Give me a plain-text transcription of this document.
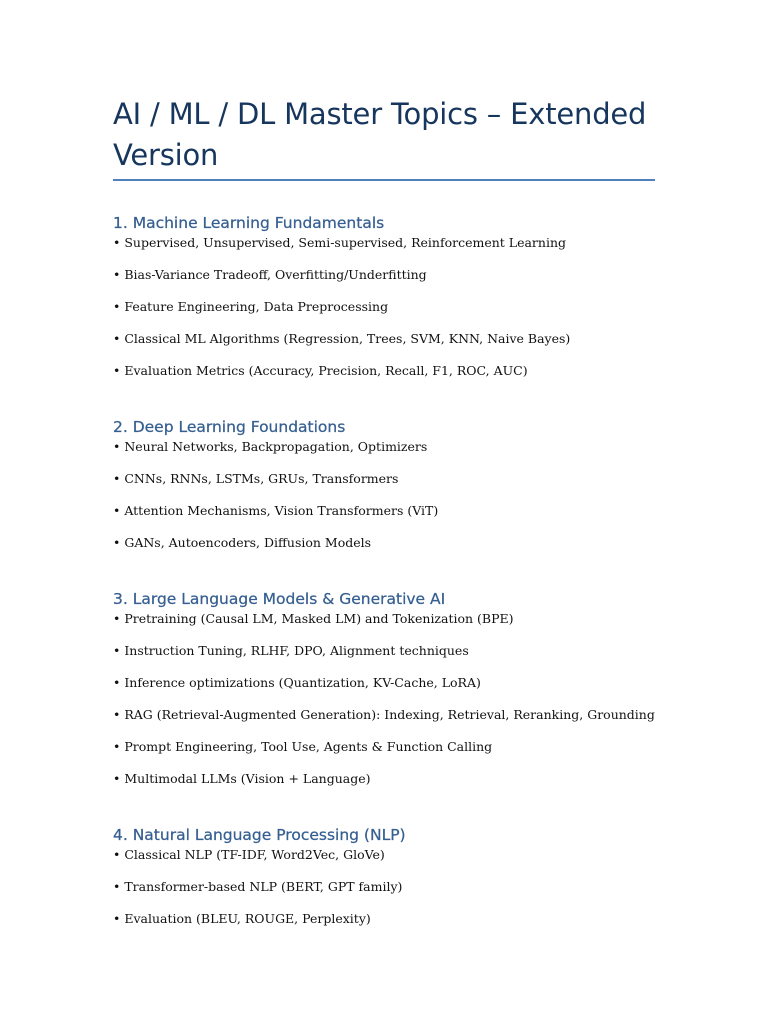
AI / ML / DL Master Topics – Extended Version
1. Machine Learning Fundamentals
• Supervised, Unsupervised, Semi-supervised, Reinforcement Learning
• Bias-Variance Tradeoff, Overfitting/Underfitting
• Feature Engineering, Data Preprocessing
• Classical ML Algorithms (Regression, Trees, SVM, KNN, Naive Bayes)
• Evaluation Metrics (Accuracy, Precision, Recall, F1, ROC, AUC)
2. Deep Learning Foundations
• Neural Networks, Backpropagation, Optimizers
• CNNs, RNNs, LSTMs, GRUs, Transformers
• Attention Mechanisms, Vision Transformers (ViT)
• GANs, Autoencoders, Diffusion Models
3. Large Language Models & Generative AI
• Pretraining (Causal LM, Masked LM) and Tokenization (BPE)
• Instruction Tuning, RLHF, DPO, Alignment techniques
• Inference optimizations (Quantization, KV-Cache, LoRA)
• RAG (Retrieval-Augmented Generation): Indexing, Retrieval, Reranking, Grounding
• Prompt Engineering, Tool Use, Agents & Function Calling
• Multimodal LLMs (Vision + Language)
4. Natural Language Processing (NLP)
• Classical NLP (TF-IDF, Word2Vec, GloVe)
• Transformer-based NLP (BERT, GPT family)
• Evaluation (BLEU, ROUGE, Perplexity)
